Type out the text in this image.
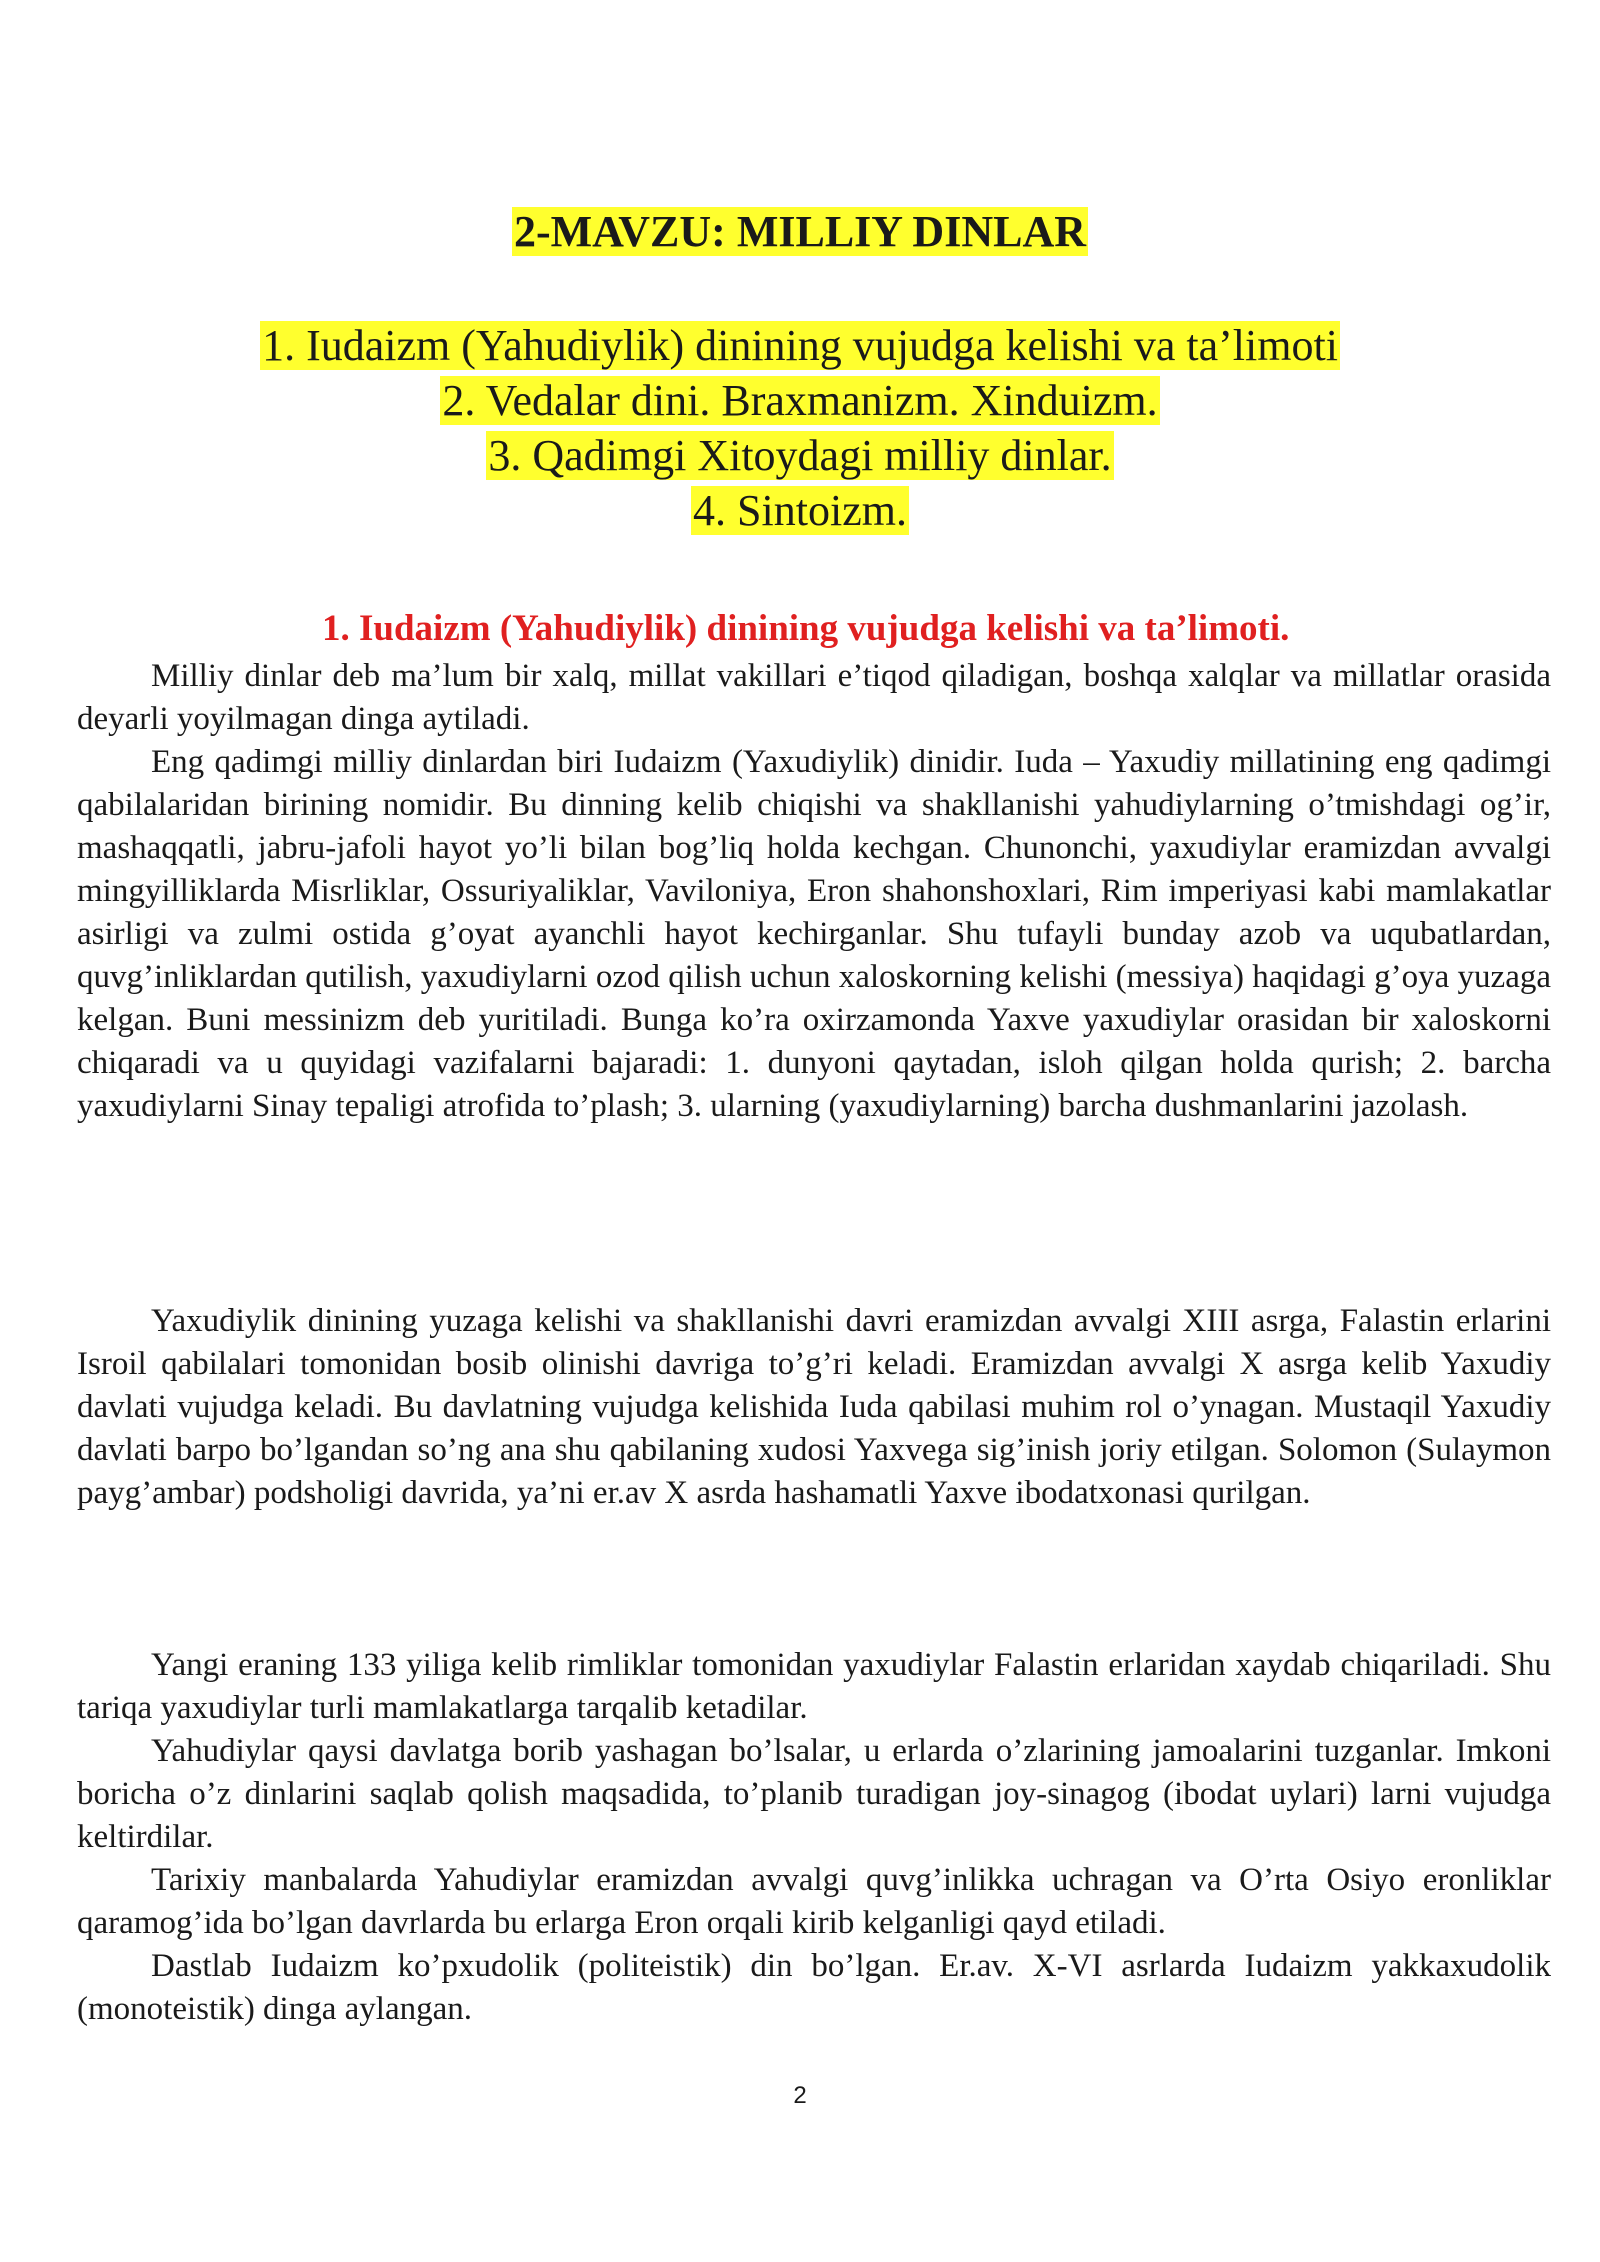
2-MAVZU: MILLIY DINLAR
1. Iudaizm (Yahudiylik) dinining vujudga kelishi va ta’limoti
2. Vedalar dini. Braxmanizm. Xinduizm.
3. Qadimgi Xitoydagi milliy dinlar.
4. Sintoizm.
1. Iudaizm (Yahudiylik) dinining vujudga kelishi va ta’limoti.

Milliy dinlar deb ma’lum bir xalq, millat vakillari e’tiqod qiladigan, boshqa xalqlar va millatlar orasida deyarli yoyilmagan dinga aytiladi.

Eng qadimgi milliy dinlardan biri Iudaizm (Yaxudiylik) dinidir. Iuda – Yaxudiy millatining eng qadimgi qabilalaridan birining nomidir. Bu dinning kelib chiqishi va shakllanishi yahudiylarning o’tmishdagi og’ir, mashaqqatli, jabru-jafoli hayot yo’li bilan bog’liq holda kechgan. Chunonchi, yaxudiylar eramizdan avvalgi mingyilliklarda Misrliklar, Ossuriyaliklar, Vaviloniya, Eron shahonshoxlari, Rim imperiyasi kabi mamlakatlar asirligi va zulmi ostida g’oyat ayanchli hayot kechirganlar. Shu tufayli bunday azob va uqubatlardan, quvg’inliklardan qutilish, yaxudiylarni ozod qilish uchun xaloskorning kelishi (messiya) haqidagi g’oya yuzaga kelgan. Buni messinizm deb yuritiladi. Bunga ko’ra oxirzamonda Yaxve yaxudiylar orasidan bir xaloskorni chiqaradi va u quyidagi vazifalarni bajaradi: 1. dunyoni qaytadan, isloh qilgan holda qurish; 2. barcha yaxudiylarni Sinay tepaligi atrofida to’plash; 3. ularning (yaxudiylarning) barcha dushmanlarini jazolash.

Yaxudiylik dinining yuzaga kelishi va shakllanishi davri eramizdan avvalgi XIII asrga, Falastin erlarini Isroil qabilalari tomonidan bosib olinishi davriga to’g’ri keladi. Eramizdan avvalgi X asrga kelib Yaxudiy davlati vujudga keladi. Bu davlatning vujudga kelishida Iuda qabilasi muhim rol o’ynagan. Mustaqil Yaxudiy davlati barpo bo’lgandan so’ng ana shu qabilaning xudosi Yaxvega sig’inish joriy etilgan. Solomon (Sulaymon payg’ambar) podsholigi davrida, ya’ni er.av X asrda hashamatli Yaxve ibodatxonasi qurilgan.

Yangi eraning 133 yiliga kelib rimliklar tomonidan yaxudiylar Falastin erlaridan xaydab chiqariladi. Shu tariqa yaxudiylar turli mamlakatlarga tarqalib ketadilar.

Yahudiylar qaysi davlatga borib yashagan bo’lsalar, u erlarda o’zlarining jamoalarini tuzganlar. Imkoni boricha o’z dinlarini saqlab qolish maqsadida, to’planib turadigan joy-sinagog (ibodat uylari) larni vujudga keltirdilar.

Tarixiy manbalarda Yahudiylar eramizdan avvalgi quvg’inlikka uchragan va O’rta Osiyo eronliklar qaramog’ida bo’lgan davrlarda bu erlarga Eron orqali kirib kelganligi qayd etiladi.

Dastlab Iudaizm ko’pxudolik (politeistik) din bo’lgan. Er.av. X-VI asrlarda Iudaizm yakkaxudolik (monoteistik) dinga aylangan.

2
